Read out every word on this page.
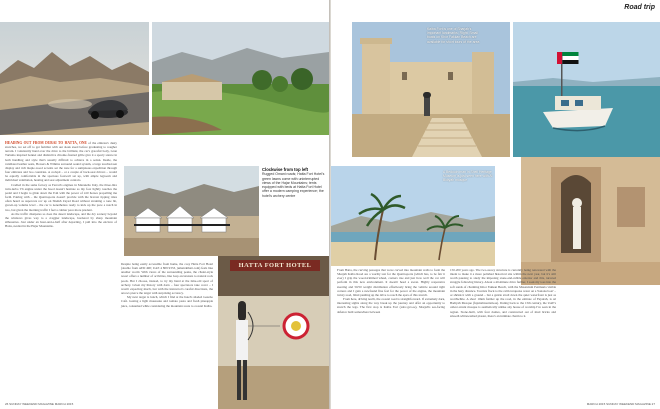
HATTA FORT HOTEL
Clockwise from top left
Rugged Omani roads; Hatta Fort Hotel's green lawns come with uninterrupted views of the Hajar Mountains; tents equipped with beds at Hatta Fort Hotel offer a modern camping experience; the hotel's archery centre

HEADING OUT FROM DUBAI TO HATTA, ONE of the emirate's dusty stretches, we set off to get familiar with our sleek steed before graduating to rougher terrain. I voluntarily hand over the drive to the brilliant, the car's graceful body, Gran Turismo inspired bonnet and distinctive chrome-fronted grille give it a sporty stance in both handling and style that's usually difficult to achieve in a sedan. Inside, the ventilated leather seats, Bowers & Wilkins surround sound system, a large touchscreen display and rich maple-wood accents set the tone for a sumptuous expedition through four emirates and two countries. A cockpit – or a couple of back-seat drivers – would be equally comfortable in the spacious footwell set up, with ample legroom and individual ventilation, heating and seat adjustment controls.

Cradled in the same factory as Ferrari's engines in Maranello Italy, the three-litre twin-turbo V6 engine under the hood doesn't hesitate as my foot lightly touches the pedal and I begin to glide down the E44 with the power of 410 horses propelling me forth. Pairing with – the Quattroporte doesn't provide with the bravest tipping rides often heard as supercars rev up on Sheikh Zayed Road without straining a tone bit, grown-up volume level – the car is nonetheless ready to kick up the pace a notch in two, but given the morning traffic I feel a calmer pace more prudent.

As the traffic dissipates so does the desert landscape, and the dry scenery beyond the windows gives way to a craggier landscape, bordered by sharp mountain silhouettes. Just under an hour-and-a-half after departing, I pull into the enclave of Hatta, nestled in the Hajar Mountains.

Despite being easily accessible from home, the cosy Hatta Fort Hotel (double from AED 490; UAE 4 809 9333, jumeirahhatt.com) feels like another world. With views of the surrounding peaks, the chalet-style resort offers a number of activities, like Jeep excursions to natural rock pools. But I choose, instead, to try my hand at the time-old sport of archery. Given my history with darts – four spectators take cover – I wasn't expecting much, but with the instructor's careful directions, the arrows pierce the target with surprising accuracy.

My next target is lunch, which I find at the hotel's shaded Gazebo Café. Gazing a light moussaka and tomato pasta and fresh pineapple juice, consumed while considering the mountain route to coastal Kalba.

26 SUNDAY WEEKEND MAGAZINE MARCH 2015
Road trip
Kalba Fort is one of Sharjah's important landmarks; Right: Small boats on Khor Fakkan Beach are available for short tours of the area
A Bedouin man in Shell Heritage Museum is just seen here with Al Bidiyah mosque

From Hatta, the curving passages that wove carved into mountain walls to form the Sharjah Kalba Road are a worthy test for the Quattroporte (which has, to be fair it ever) I grip the wood-trimmed wheel, corners rise and just how well the car will perform in this new environment. It doesn't heed a sweat. Highly responsive steering and 50/50 weight distribution effortlessly bring the vehicle around tight corners and I gain a newfound fine feel for the power of the engine, the mountain twisty road, blind pushing up the drive to reach the apex of this stretch.

From here, driving north, the coastal road is straightforward. If extremely dark, interesting sights along the way break up the journey and offer an opportunity to stretch the legs. The first stop is Kalba Fort (sabc.gov.ae), Sharjah's sea-facing defence built somewhere between

150-200 years ago. The two-storey structure is currently being renovated with the intent to make it a more polished historical site within the next year, but it's still worth pausing to study the imposing stone-and-rubble exterior and this, turreted struggle following history. About a 40-minute drive further, I soak my toes into the soft sands of charming Khor Fakkan Beach, with the Musandam Peninsula visible in the hazy distance. Tourists flock to the calm turquoise water on a 'banana boat' – or shrink it with a ground – but a gentle stroll down the quiet waterfront is just as worthwhile. A short 10km further up the road, in the emirate of Fujairah, is Al Badiyah Mosque (fujairahtourism.ae). Dating back to the 15th century, the UAE's oldest extant mosque is aesthetically unlike any house of worship I've seen in the region. Stone-built, with four domes, and constructed out of mud bricks and smooth whitewashed plaster, there's an intimate charm to it.

MARCH 2015 SUNDAY WEEKEND MAGAZINE 27
